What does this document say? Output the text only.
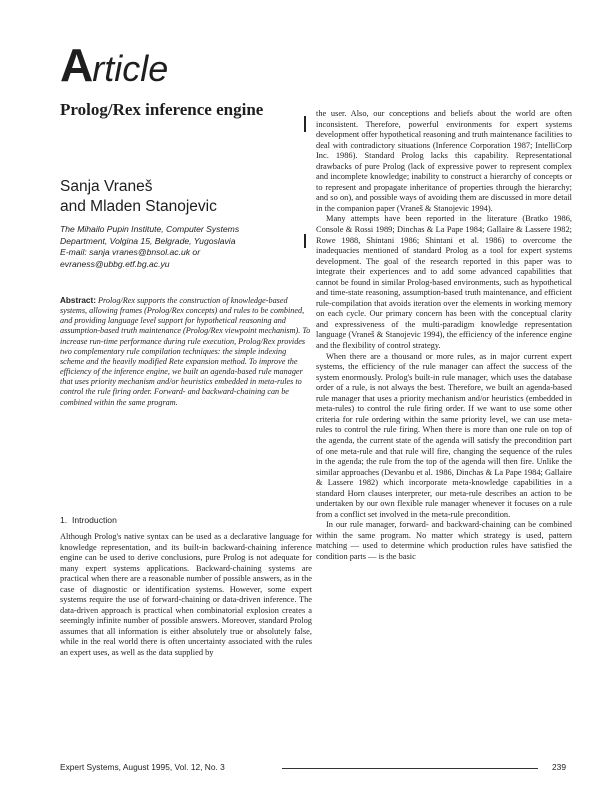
Article
Prolog/Rex inference engine
Sanja Vraneš
and Mladen Stanojevic
The Mihailo Pupin Institute, Computer Systems
Department, Volgina 15, Belgrade, Yugoslavia
E-mail: sanja vranes@bnsol.ac.uk or
evraness@ubbg.etf.bg.ac.yu

Abstract: Prolog/Rex supports the construction of knowledge-based systems, allowing frames (Prolog/Rex concepts) and rules to be combined, and providing language level support for hypothetical reasoning and assumption-based truth maintenance (Prolog/Rex viewpoint mechanism). To increase run-time performance during rule execution, Prolog/Rex provides two complementary rule compilation techniques: the simple indexing scheme and the heavily modified Rete expansion method. To improve the efficiency of the inference engine, we built an agenda-based rule manager that uses priority mechanism and/or heuristics embedded in meta-rules to control the rule firing order. Forward- and backward-chaining can be combined within the same program.

1. Introduction

Although Prolog's native syntax can be used as a declarative language for knowledge representation, and its built-in backward-chaining inference engine can be used to derive conclusions, pure Prolog is not adequate for many expert systems applications. Backward-chaining systems are practical when there are a reasonable number of possible answers, as in the case of diagnostic or identification systems. However, some expert systems require the use of forward-chaining or data-driven inference. The data-driven approach is practical when combinatorial explosion creates a seemingly infinite number of possible answers. Moreover, standard Prolog assumes that all information is either absolutely true or absolutely false, while in the real world there is often uncertainty associated with the rules an expert uses, as well as the data supplied by

the user. Also, our conceptions and beliefs about the world are often inconsistent. Therefore, powerful environments for expert systems development offer hypothetical reasoning and truth maintenance facilities to deal with contradictory situations (Inference Corporation 1987; IntelliCorp Inc. 1986). Standard Prolog lacks this capability. Representational drawbacks of pure Prolog (lack of expressive power to represent complex and incomplete knowledge; inability to construct a hierarchy of concepts or to represent and propagate inheritance of properties through the hierarchy; and so on), and possible ways of avoiding them are discussed in more detail in the companion paper (Vraneš & Stanojevic 1994).

Many attempts have been reported in the literature (Bratko 1986, Console & Rossi 1989; Dinchas & La Pape 1984; Gallaire & Lassere 1982; Rowe 1988, Shintani 1986; Shintani et al. 1986) to overcome the inadequacies mentioned of standard Prolog as a tool for expert systems development. The goal of the research reported in this paper was to integrate their experiences and to add some advanced capabilities that cannot be found in similar Prolog-based environments, such as hypothetical and time-state reasoning, assumption-based truth maintenance, and efficient rule-compilation that avoids iteration over the elements in working memory on each cycle. Our primary concern has been with the conceptual clarity and expressiveness of the multi-paradigm knowledge representation language (Vraneš & Stanojevic 1994), the efficiency of the inference engine and the flexibility of control strategy.

When there are a thousand or more rules, as in major current expert systems, the efficiency of the rule manager can affect the success of the system enormously. Prolog's built-in rule manager, which uses the database order of a rule, is not always the best. Therefore, we built an agenda-based rule manager that uses a priority mechanism and/or heuristics (embedded in meta-rules) to control the rule firing order. If we want to use some other criteria for rule ordering within the same priority level, we can use meta-rules to control the rule firing. When there is more than one rule on top of the agenda, the current state of the agenda will satisfy the precondition part of one meta-rule and that rule will fire, changing the sequence of the rules in the agenda; the rule from the top of the agenda will then fire. Unlike the similar approaches (Devanbu et al. 1986, Dinchas & La Pape 1984; Gallaire & Lassere 1982) which incorporate meta-knowledge capabilities in a standard Horn clauses interpreter, our meta-rule describes an action to be undertaken by our own flexible rule manager whenever it focuses on a rule from a conflict set involved in the meta-rule precondition.

In our rule manager, forward- and backward-chaining can be combined within the same program. No matter which strategy is used, pattern matching — used to determine which production rules have satisfied the condition parts — is the basic

Expert Systems, August 1995, Vol. 12, No. 3	239
